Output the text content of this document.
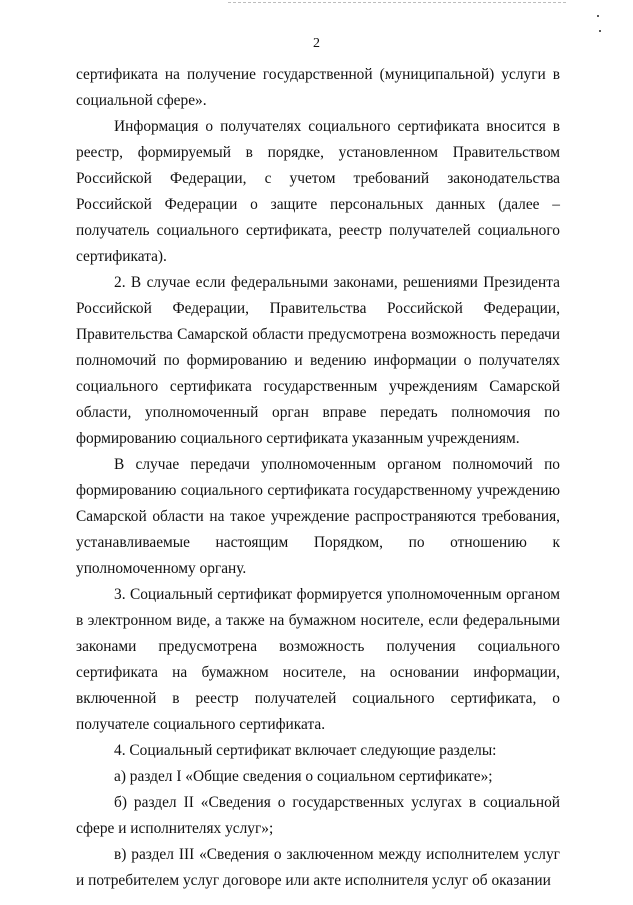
2

сертификата на получение государственной (муниципальной) услуги в социальной сфере».

Информация о получателях социального сертификата вносится в реестр, формируемый в порядке, установленном Правительством Российской Федерации, с учетом требований законодательства Российской Федерации о защите персональных данных (далее – получатель социального сертификата, реестр получателей социального сертификата).

2. В случае если федеральными законами, решениями Президента Российской Федерации, Правительства Российской Федерации, Правительства Самарской области предусмотрена возможность передачи полномочий по формированию и ведению информации о получателях социального сертификата государственным учреждениям Самарской области, уполномоченный орган вправе передать полномочия по формированию социального сертификата указанным учреждениям.

В случае передачи уполномоченным органом полномочий по формированию социального сертификата государственному учреждению Самарской области на такое учреждение распространяются требования, устанавливаемые настоящим Порядком, по отношению к уполномоченному органу.

3. Социальный сертификат формируется уполномоченным органом в электронном виде, а также на бумажном носителе, если федеральными законами предусмотрена возможность получения социального сертификата на бумажном носителе, на основании информации, включенной в реестр получателей социального сертификата, о получателе социального сертификата.

4. Социальный сертификат включает следующие разделы:

а) раздел I «Общие сведения о социальном сертификате»;

б) раздел II «Сведения о государственных услугах в социальной сфере и исполнителях услуг»;

в) раздел III «Сведения о заключенном между исполнителем услуг и потребителем услуг договоре или акте исполнителя услуг об оказании
